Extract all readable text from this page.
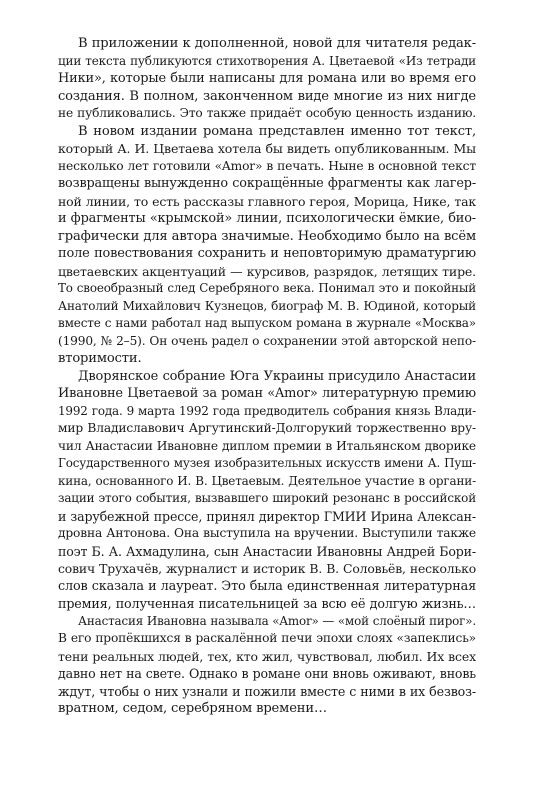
В приложении к дополненной, новой для читателя редак-
ции текста публикуются стихотворения А. Цветаевой «Из тетради
Ники», которые были написаны для романа или во время его
создания. В полном, законченном виде многие из них нигде
не публиковались. Это также придаёт особую ценность изданию.
В новом издании романа представлен именно тот текст,
который А. И. Цветаева хотела бы видеть опубликованным. Мы
несколько лет готовили «Amor» в печать. Ныне в основной текст
возвращены вынужденно сокращённые фрагменты как лагер-
ной линии, то есть рассказы главного героя, Морица, Нике, так
и фрагменты «крымской» линии, психологически ёмкие, био-
графически для автора значимые. Необходимо было на всём
поле повествования сохранить и неповторимую драматургию
цветаевских акцентуаций — курсивов, разрядок, летящих тире.
То своеобразный след Серебряного века. Понимал это и покойный
Анатолий Михайлович Кузнецов, биограф М. В. Юдиной, который
вместе с нами работал над выпуском романа в журнале «Москва»
(1990, № 2–5). Он очень радел о сохранении этой авторской непо-
вторимости.
Дворянское собрание Юга Украины присудило Анастасии
Ивановне Цветаевой за роман «Amor» литературную премию
1992 года. 9 марта 1992 года предводитель собрания князь Влади-
мир Владиславович Аргутинский-Долгорукий торжественно вру-
чил Анастасии Ивановне диплом премии в Итальянском дворике
Государственного музея изобразительных искусств имени А. Пуш-
кина, основанного И. В. Цветаевым. Деятельное участие в органи-
зации этого события, вызвавшего широкий резонанс в российской
и зарубежной прессе, принял директор ГМИИ Ирина Алексан-
дровна Антонова. Она выступила на вручении. Выступили также
поэт Б. А. Ахмадулина, сын Анастасии Ивановны Андрей Бори-
сович Трухачёв, журналист и историк В. В. Соловьёв, несколько
слов сказала и лауреат. Это была единственная литературная
премия, полученная писательницей за всю её долгую жизнь…
Анастасия Ивановна называла «Amor» — «мой слоёный пирог».
В его пропёкшихся в раскалённой печи эпохи слоях «запеклись»
тени реальных людей, тех, кто жил, чувствовал, любил. Их всех
давно нет на свете. Однако в романе они вновь оживают, вновь
ждут, чтобы о них узнали и пожили вместе с ними в их безвоз-
вратном, седом, серебряном времени…
